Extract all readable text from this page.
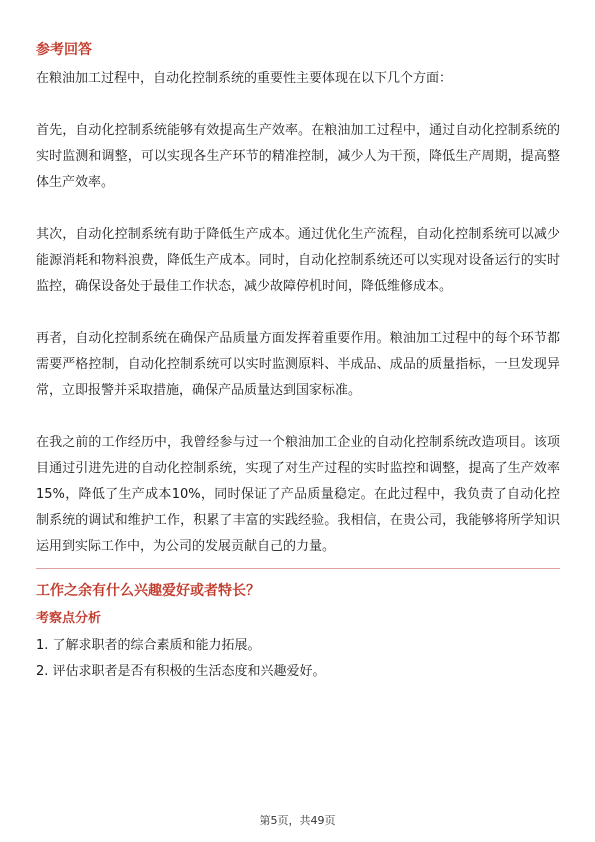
参考回答

在粮油加工过程中，自动化控制系统的重要性主要体现在以下几个方面：

首先，自动化控制系统能够有效提高生产效率。在粮油加工过程中，通过自动化控制系统的实时监测和调整，可以实现各生产环节的精准控制，减少人为干预，降低生产周期，提高整体生产效率。

其次，自动化控制系统有助于降低生产成本。通过优化生产流程，自动化控制系统可以减少能源消耗和物料浪费，降低生产成本。同时，自动化控制系统还可以实现对设备运行的实时监控，确保设备处于最佳工作状态，减少故障停机时间，降低维修成本。

再者，自动化控制系统在确保产品质量方面发挥着重要作用。粮油加工过程中的每个环节都需要严格控制，自动化控制系统可以实时监测原料、半成品、成品的质量指标，一旦发现异常，立即报警并采取措施，确保产品质量达到国家标准。

在我之前的工作经历中，我曾经参与过一个粮油加工企业的自动化控制系统改造项目。该项目通过引进先进的自动化控制系统，实现了对生产过程的实时监控和调整，提高了生产效率15%，降低了生产成本10%，同时保证了产品质量稳定。在此过程中，我负责了自动化控制系统的调试和维护工作，积累了丰富的实践经验。我相信，在贵公司，我能够将所学知识运用到实际工作中，为公司的发展贡献自己的力量。

工作之余有什么兴趣爱好或者特长？

考察点分析

1. 了解求职者的综合素质和能力拓展。

2. 评估求职者是否有积极的生活态度和兴趣爱好。

第5页，共49页
